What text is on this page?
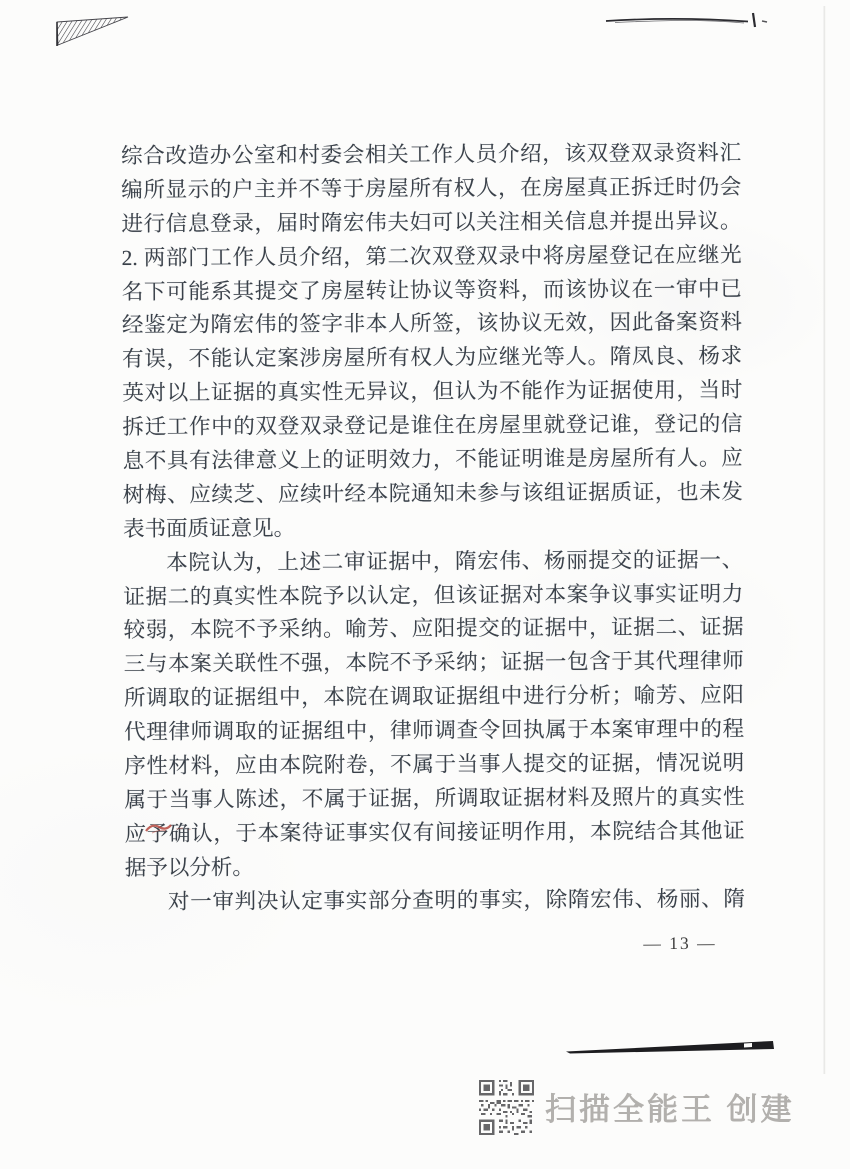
综合改造办公室和村委会相关工作人员介绍，该双登双录资料汇
编所显示的户主并不等于房屋所有权人，在房屋真正拆迁时仍会
进行信息登录，届时隋宏伟夫妇可以关注相关信息并提出异议。
2. 两部门工作人员介绍，第二次双登双录中将房屋登记在应继光
名下可能系其提交了房屋转让协议等资料，而该协议在一审中已
经鉴定为隋宏伟的签字非本人所签，该协议无效，因此备案资料
有误，不能认定案涉房屋所有权人为应继光等人。隋凤良、杨求
英对以上证据的真实性无异议，但认为不能作为证据使用，当时
拆迁工作中的双登双录登记是谁住在房屋里就登记谁，登记的信
息不具有法律意义上的证明效力，不能证明谁是房屋所有人。应
树梅、应续芝、应续叶经本院通知未参与该组证据质证，也未发
表书面质证意见。
本院认为，上述二审证据中，隋宏伟、杨丽提交的证据一、
证据二的真实性本院予以认定，但该证据对本案争议事实证明力
较弱，本院不予采纳。喻芳、应阳提交的证据中，证据二、证据
三与本案关联性不强，本院不予采纳；证据一包含于其代理律师
所调取的证据组中，本院在调取证据组中进行分析；喻芳、应阳
代理律师调取的证据组中，律师调查令回执属于本案审理中的程
序性材料，应由本院附卷，不属于当事人提交的证据，情况说明
属于当事人陈述，不属于证据，所调取证据材料及照片的真实性
应予确认，于本案待证事实仅有间接证明作用，本院结合其他证
据予以分析。
对一审判决认定事实部分查明的事实，除隋宏伟、杨丽、隋
— 13 —
扫描全能王 创建
